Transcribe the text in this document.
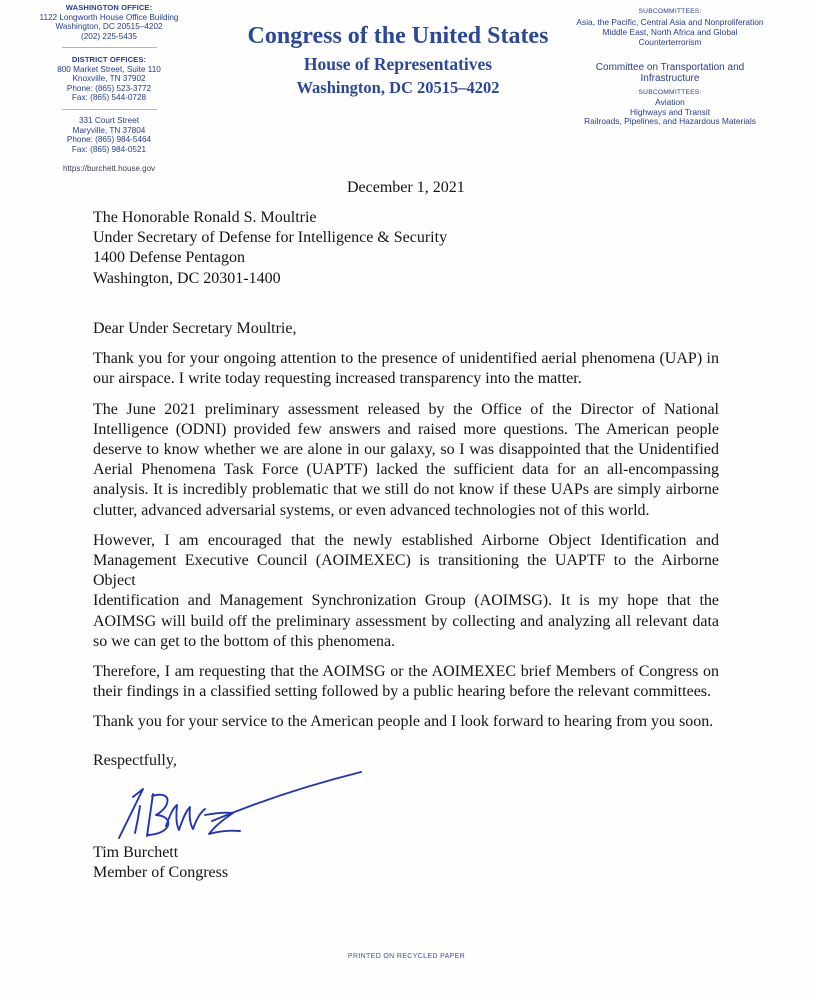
WASHINGTON OFFICE:
1122 Longworth House Office Building
Washington, DC 20515–4202
(202) 225-5435
DISTRICT OFFICES:
800 Market Street, Suite 110
Knoxville, TN 37902
Phone: (865) 523-3772
Fax: (865) 544-0728
331 Court Street
Maryville, TN 37804
Phone: (865) 984-5464
Fax: (865) 984-0521
https://burchett.house.gov
Congress of the United States
House of Representatives
Washington, DC 20515–4202
SUBCOMMITTEES:
Asia, the Pacific, Central Asia and Nonproliferation
Middle East, North Africa and Global
Counterterrorism
Committee on Transportation and
Infrastructure
SUBCOMMITTEES:
Aviation
Highways and Transit
Railroads, Pipelines, and Hazardous Materials
December 1, 2021
The Honorable Ronald S. Moultrie
Under Secretary of Defense for Intelligence & Security
1400 Defense Pentagon
Washington, DC 20301-1400
Dear Under Secretary Moultrie,
Thank you for your ongoing attention to the presence of unidentified aerial phenomena (UAP) in
our airspace. I write today requesting increased transparency into the matter.
The June 2021 preliminary assessment released by the Office of the Director of National
Intelligence (ODNI) provided few answers and raised more questions. The American people
deserve to know whether we are alone in our galaxy, so I was disappointed that the Unidentified
Aerial Phenomena Task Force (UAPTF) lacked the sufficient data for an all-encompassing
analysis. It is incredibly problematic that we still do not know if these UAPs are simply airborne
clutter, advanced adversarial systems, or even advanced technologies not of this world.
However, I am encouraged that the newly established Airborne Object Identification and
Management Executive Council (AOIMEXEC) is transitioning the UAPTF to the Airborne Object
Identification and Management Synchronization Group (AOIMSG). It is my hope that the
AOIMSG will build off the preliminary assessment by collecting and analyzing all relevant data
so we can get to the bottom of this phenomena.
Therefore, I am requesting that the AOIMSG or the AOIMEXEC brief Members of Congress on
their findings in a classified setting followed by a public hearing before the relevant committees.
Thank you for your service to the American people and I look forward to hearing from you soon.
Respectfully,
Tim Burchett
Member of Congress
PRINTED ON RECYCLED PAPER
